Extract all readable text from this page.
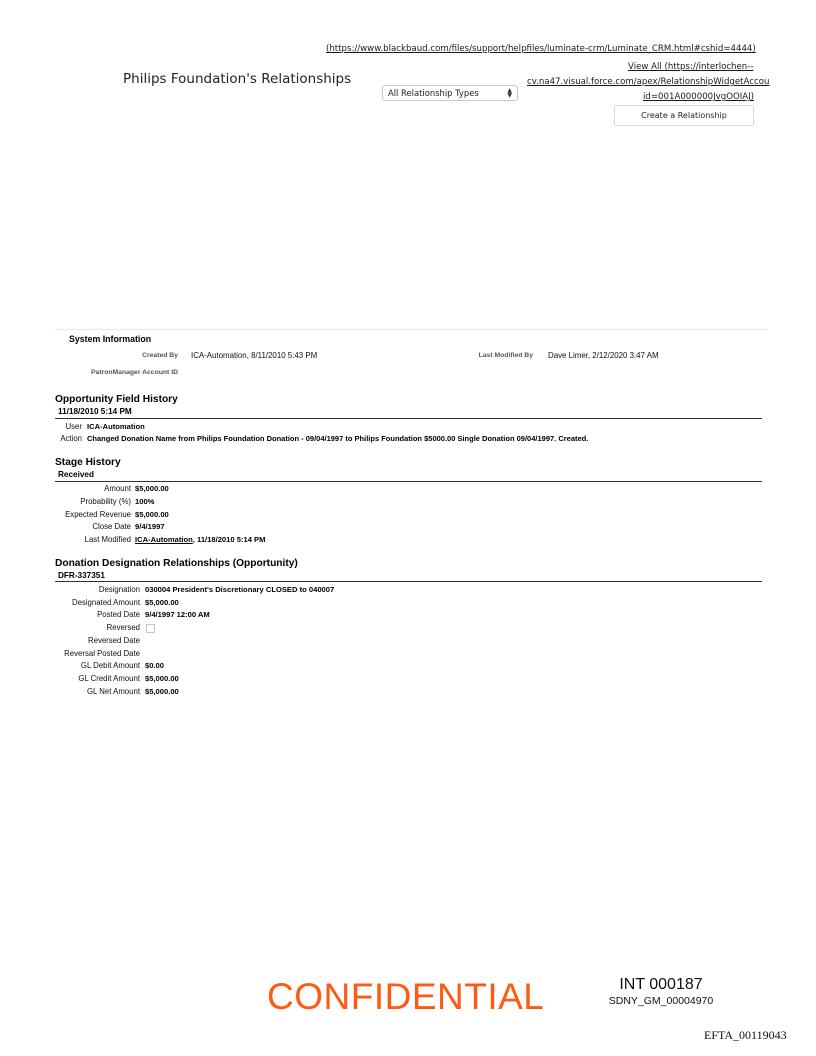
(https://www.blackbaud.com/files/support/helpfiles/luminate-crm/Luminate_CRM.html#cshid=4444)
Philips Foundation's Relationships
All Relationship Types	▲
▼
View All (https://interlochen--
cv.na47.visual.force.com/apex/RelationshipWidgetAccou
id=001A000000JvgOOIAJ)
Create a Relationship
System Information
Created By ICA-Automation, 8/11/2010 5:43 PM	Last Modified By Dave Limer, 2/12/2020 3:47 AM
PatronManager Account ID
Opportunity Field History
11/18/2010 5:14 PM
User ICA-Automation
Action Changed Donation Name from Philips Foundation Donation - 09/04/1997 to Philips Foundation $5000.00 Single Donation 09/04/1997. Created.
Stage History
Received
Amount $5,000.00
Probability (%) 100%
Expected Revenue $5,000.00
Close Date 9/4/1997
Last Modified ICA-Automation, 11/18/2010 5:14 PM
Donation Designation Relationships (Opportunity)
DFR-337351
Designation 030004 President's Discretionary CLOSED to 040007
Designated Amount $5,000.00
Posted Date 9/4/1997 12:00 AM
Reversed
Reversed Date
Reversal Posted Date
GL Debit Amount $0.00
GL Credit Amount $5,000.00
GL Net Amount $5,000.00
CONFIDENTIAL	INT 000187
SDNY_GM_00004970
EFTA_00119043
